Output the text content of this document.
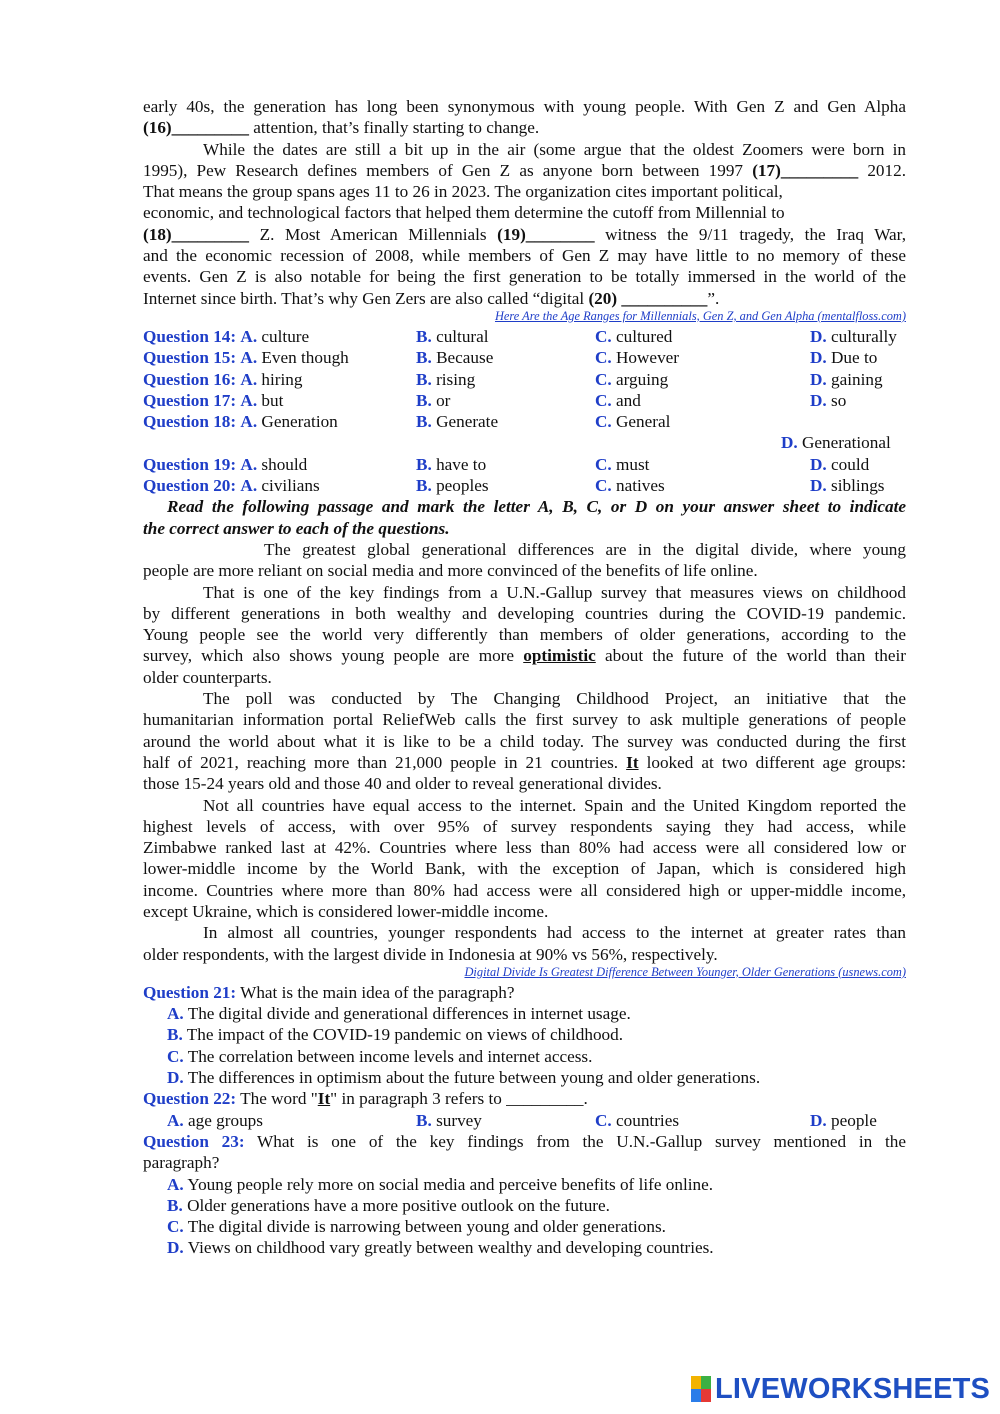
early 40s, the generation has long been synonymous with young people. With Gen Z and Gen Alpha
(16)_________ attention, that’s finally starting to change.
While the dates are still a bit up in the air (some argue that the oldest Zoomers were born in
1995), Pew Research defines members of Gen Z as anyone born between 1997 (17)_________ 2012.
That means the group spans ages 11 to 26 in 2023. The organization cites important political,
economic, and technological factors that helped them determine the cutoff from Millennial to
(18)_________ Z. Most American Millennials (19)________ witness the 9/11 tragedy, the Iraq War,
and the economic recession of 2008, while members of Gen Z may have little to no memory of these
events. Gen Z is also notable for being the first generation to be totally immersed in the world of the
Internet since birth. That’s why Gen Zers are also called “digital (20) __________”.
Here Are the Age Ranges for Millennials, Gen Z, and Gen Alpha (mentalfloss.com)
Question 14: A. culture	B. cultural	C. cultured	D. culturally
Question 15: A. Even though	B. Because	C. However	D. Due to
Question 16: A. hiring	B. rising	C. arguing	D. gaining
Question 17: A. but	B. or	C. and	D. so
Question 18: A. Generation	B. Generate	C. General
D. Generational
Question 19: A. should	B. have to	C. must	D. could
Question 20: A. civilians	B. peoples	C. natives	D. siblings
Read the following passage and mark the letter A, B, C, or D on your answer sheet to indicate
the correct answer to each of the questions.
The greatest global generational differences are in the digital divide, where young
people are more reliant on social media and more convinced of the benefits of life online.
That is one of the key findings from a U.N.-Gallup survey that measures views on childhood
by different generations in both wealthy and developing countries during the COVID-19 pandemic.
Young people see the world very differently than members of older generations, according to the
survey, which also shows young people are more optimistic about the future of the world than their
older counterparts.
The poll was conducted by The Changing Childhood Project, an initiative that the
humanitarian information portal ReliefWeb calls the first survey to ask multiple generations of people
around the world about what it is like to be a child today. The survey was conducted during the first
half of 2021, reaching more than 21,000 people in 21 countries. It looked at two different age groups:
those 15-24 years old and those 40 and older to reveal generational divides.
Not all countries have equal access to the internet. Spain and the United Kingdom reported the
highest levels of access, with over 95% of survey respondents saying they had access, while
Zimbabwe ranked last at 42%. Countries where less than 80% had access were all considered low or
lower-middle income by the World Bank, with the exception of Japan, which is considered high
income. Countries where more than 80% had access were all considered high or upper-middle income,
except Ukraine, which is considered lower-middle income.
In almost all countries, younger respondents had access to the internet at greater rates than
older respondents, with the largest divide in Indonesia at 90% vs 56%, respectively.
Digital Divide Is Greatest Difference Between Younger, Older Generations (usnews.com)
Question 21: What is the main idea of the paragraph?
A. The digital divide and generational differences in internet usage.
B. The impact of the COVID-19 pandemic on views of childhood.
C. The correlation between income levels and internet access.
D. The differences in optimism about the future between young and older generations.
Question 22: The word "It" in paragraph 3 refers to _________.
A. age groups	B. survey	C. countries	D. people
Question 23: What is one of the key findings from the U.N.-Gallup survey mentioned in the
paragraph?
A. Young people rely more on social media and perceive benefits of life online.
B. Older generations have a more positive outlook on the future.
C. The digital divide is narrowing between young and older generations.
D. Views on childhood vary greatly between wealthy and developing countries.
LIVEWORKSHEETS
